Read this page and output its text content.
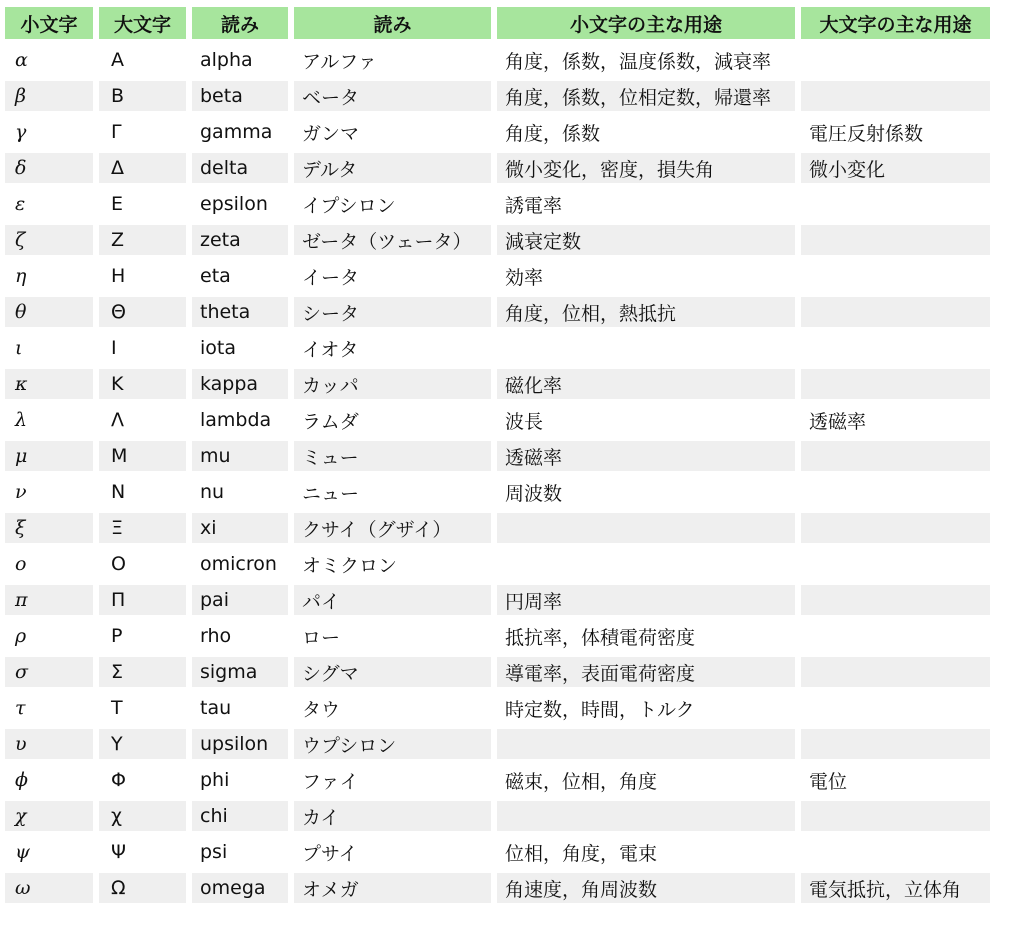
小文字	大文字	読み	読み	小文字の主な用途	大文字の主な用途
α	A	alpha	アルファ	角度，係数，温度係数，減衰率	
β	B	beta	ベータ	角度，係数，位相定数，帰還率	
γ	Γ	gamma	ガンマ	角度，係数	電圧反射係数
δ	Δ	delta	デルタ	微小変化，密度，損失角	微小変化
ε	E	epsilon	イプシロン	誘電率	
ζ	Z	zeta	ゼータ（ツェータ）	減衰定数	
η	H	eta	イータ	効率	
θ	Θ	theta	シータ	角度，位相，熱抵抗	
ι	I	iota	イオタ		
κ	K	kappa	カッパ	磁化率	
λ	Λ	lambda	ラムダ	波長	透磁率
μ	M	mu	ミュー	透磁率	
ν	N	nu	ニュー	周波数	
ξ	Ξ	xi	クサイ（グザイ）		
ο	O	omicron	オミクロン		
π	Π	pai	パイ	円周率	
ρ	P	rho	ロー	抵抗率，体積電荷密度	
σ	Σ	sigma	シグマ	導電率，表面電荷密度	
τ	T	tau	タウ	時定数，時間，トルク	
υ	Υ	upsilon	ウプシロン		
ϕ	Φ	phi	ファイ	磁束，位相，角度	電位
χ	χ	chi	カイ		
ψ	Ψ	psi	プサイ	位相，角度，電束	
ω	Ω	omega	オメガ	角速度，角周波数	電気抵抗，立体角
